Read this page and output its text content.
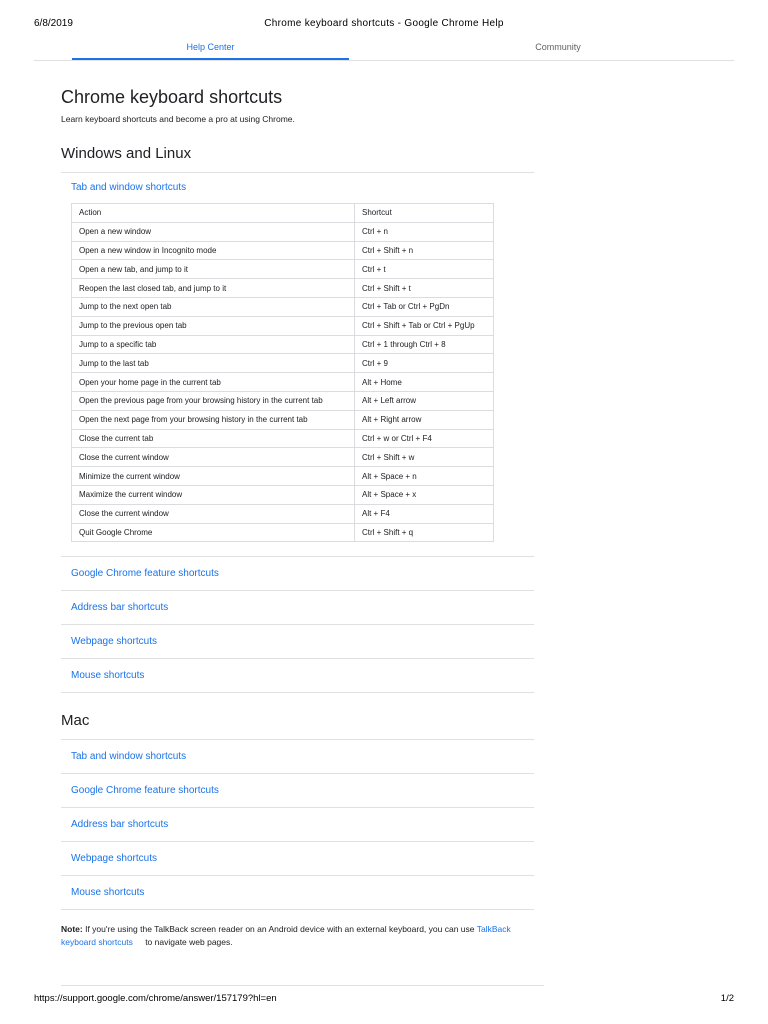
6/8/2019	Chrome keyboard shortcuts - Google Chrome Help
Help Center	Community
Chrome keyboard shortcuts

Learn keyboard shortcuts and become a pro at using Chrome.

Windows and Linux
Tab and window shortcuts
Action	Shortcut
Open a new window	Ctrl + n
Open a new window in Incognito mode	Ctrl + Shift + n
Open a new tab, and jump to it	Ctrl + t
Reopen the last closed tab, and jump to it	Ctrl + Shift + t
Jump to the next open tab	Ctrl + Tab or Ctrl + PgDn
Jump to the previous open tab	Ctrl + Shift + Tab or Ctrl + PgUp
Jump to a specific tab	Ctrl + 1 through Ctrl + 8
Jump to the last tab	Ctrl + 9
Open your home page in the current tab	Alt + Home
Open the previous page from your browsing history in the current tab	Alt + Left arrow
Open the next page from your browsing history in the current tab	Alt + Right arrow
Close the current tab	Ctrl + w or Ctrl + F4
Close the current window	Ctrl + Shift + w
Minimize the current window	Alt + Space + n
Maximize the current window	Alt + Space + x
Close the current window	Alt + F4
Quit Google Chrome	Ctrl + Shift + q
Google Chrome feature shortcuts
Address bar shortcuts
Webpage shortcuts
Mouse shortcuts
Mac
Tab and window shortcuts
Google Chrome feature shortcuts
Address bar shortcuts
Webpage shortcuts
Mouse shortcuts
Note: If you're using the TalkBack screen reader on an Android device with an external keyboard, you can use TalkBack
keyboard shortcuts to navigate web pages.
https://support.google.com/chrome/answer/157179?hl=en	1/2
